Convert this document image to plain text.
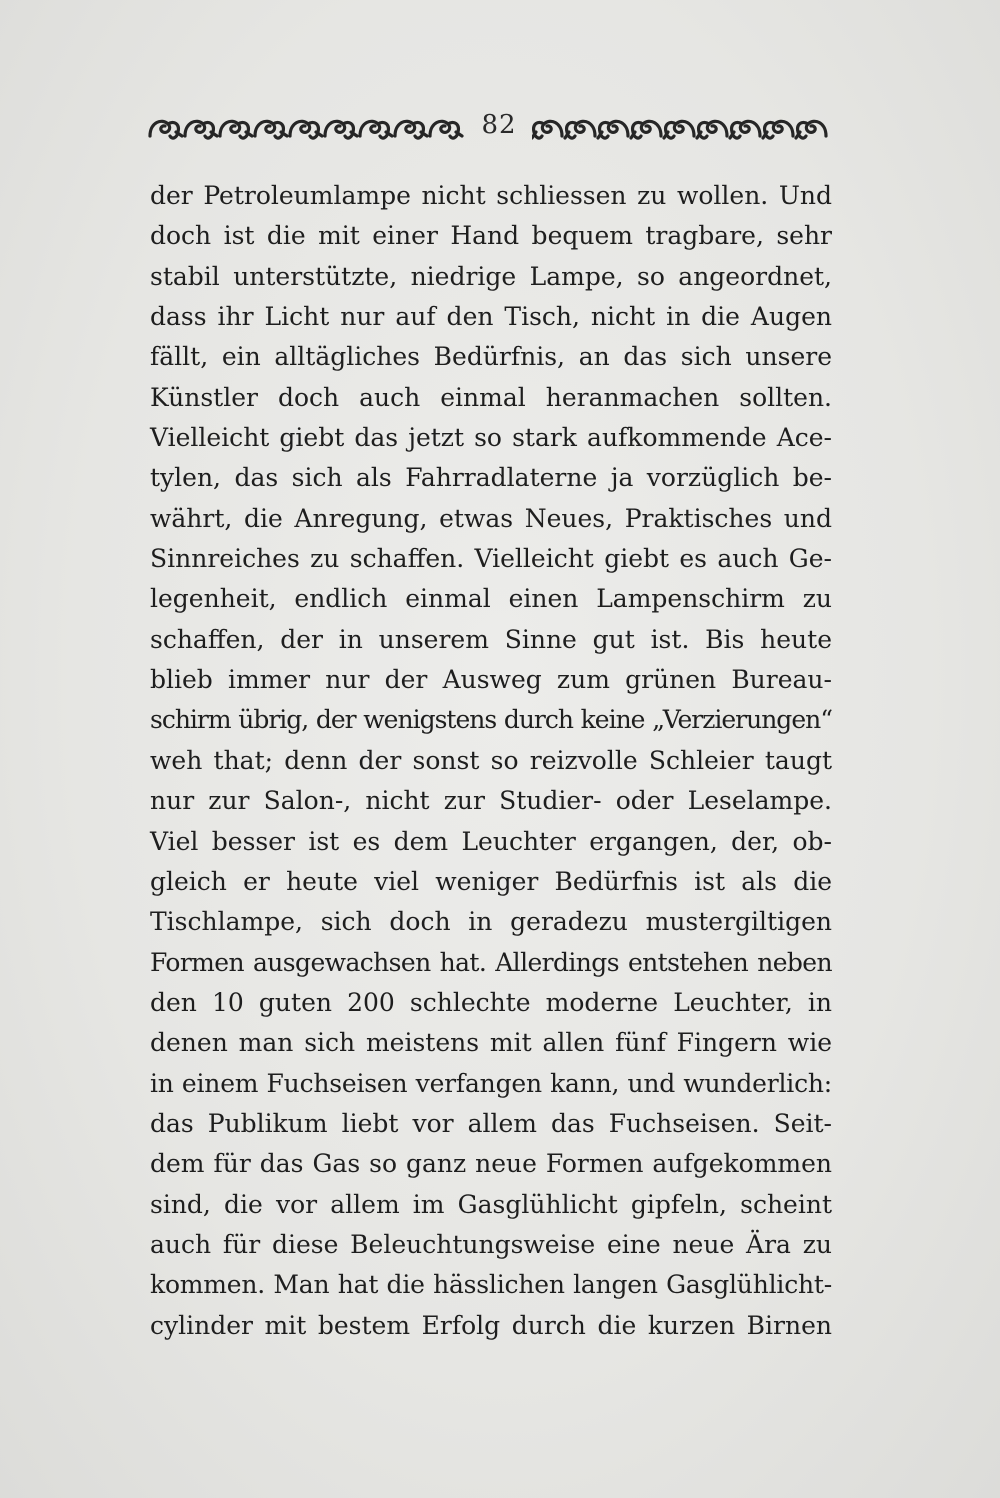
82
der Petroleumlampe nicht schliessen zu wollen. Und
doch ist die mit einer Hand bequem tragbare, sehr
stabil unterstützte, niedrige Lampe, so angeordnet,
dass ihr Licht nur auf den Tisch, nicht in die Augen
fällt, ein alltägliches Bedürfnis, an das sich unsere
Künstler doch auch einmal heranmachen sollten.
Vielleicht giebt das jetzt so stark aufkommende Ace-
tylen, das sich als Fahrradlaterne ja vorzüglich be-
währt, die Anregung, etwas Neues, Praktisches und
Sinnreiches zu schaffen. Vielleicht giebt es auch Ge-
legenheit, endlich einmal einen Lampenschirm zu
schaffen, der in unserem Sinne gut ist. Bis heute
blieb immer nur der Ausweg zum grünen Bureau-
schirm übrig, der wenigstens durch keine „Verzierungen“
weh that; denn der sonst so reizvolle Schleier taugt
nur zur Salon-, nicht zur Studier- oder Leselampe.
Viel besser ist es dem Leuchter ergangen, der, ob-
gleich er heute viel weniger Bedürfnis ist als die
Tischlampe, sich doch in geradezu mustergiltigen
Formen ausgewachsen hat. Allerdings entstehen neben
den 10 guten 200 schlechte moderne Leuchter, in
denen man sich meistens mit allen fünf Fingern wie
in einem Fuchseisen verfangen kann, und wunderlich:
das Publikum liebt vor allem das Fuchseisen. Seit-
dem für das Gas so ganz neue Formen aufgekommen
sind, die vor allem im Gasglühlicht gipfeln, scheint
auch für diese Beleuchtungsweise eine neue Ära zu
kommen. Man hat die hässlichen langen Gasglühlicht-
cylinder mit bestem Erfolg durch die kurzen Birnen
